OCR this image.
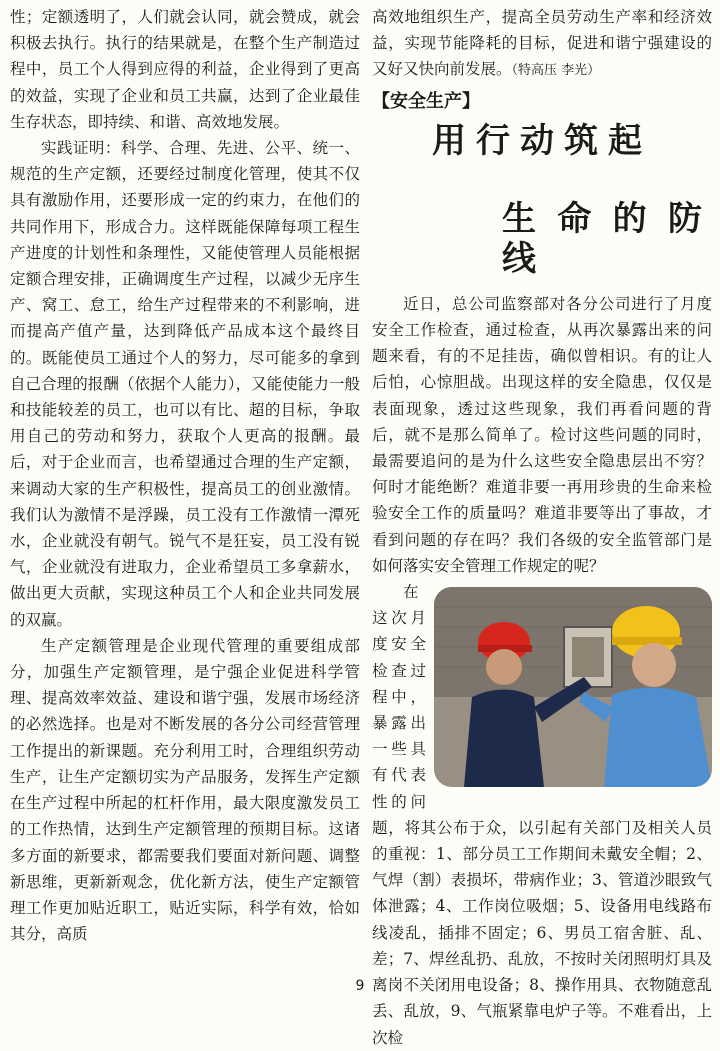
性；定额透明了，人们就会认同，就会赞成，就会积极去执行。执行的结果就是，在整个生产制造过程中，员工个人得到应得的利益，企业得到了更高的效益，实现了企业和员工共赢，达到了企业最佳生存状态，即持续、和谐、高效地发展。

实践证明：科学、合理、先进、公平、统一、规范的生产定额，还要经过制度化管理，使其不仅具有激励作用，还要形成一定的约束力，在他们的共同作用下，形成合力。这样既能保障每项工程生产进度的计划性和条理性，又能使管理人员能根据定额合理安排，正确调度生产过程，以减少无序生产、窝工、怠工，给生产过程带来的不利影响，进而提高产值产量，达到降低产品成本这个最终目的。既能使员工通过个人的努力，尽可能多的拿到自己合理的报酬（依据个人能力），又能使能力一般和技能较差的员工，也可以有比、超的目标，争取用自己的劳动和努力，获取个人更高的报酬。最后，对于企业而言，也希望通过合理的生产定额，来调动大家的生产积极性，提高员工的创业激情。我们认为激情不是浮躁，员工没有工作激情一潭死水，企业就没有朝气。锐气不是狂妄，员工没有锐气，企业就没有进取力，企业希望员工多拿薪水，做出更大贡献，实现这种员工个人和企业共同发展的双赢。

生产定额管理是企业现代管理的重要组成部分，加强生产定额管理，是宁强企业促进科学管理、提高效率效益、建设和谐宁强，发展市场经济的必然选择。也是对不断发展的各分公司经营管理工作提出的新课题。充分利用工时，合理组织劳动生产，让生产定额切实为产品服务，发挥生产定额在生产过程中所起的杠杆作用，最大限度激发员工的工作热情，达到生产定额管理的预期目标。这诸多方面的新要求，都需要我们要面对新问题、调整新思维，更新新观念，优化新方法，使生产定额管理工作更加贴近职工，贴近实际，科学有效，恰如其分，高质

高效地组织生产，提高全员劳动生产率和经济效益，实现节能降耗的目标，促进和谐宁强建设的又好又快向前发展。（特高压 李光）

【安全生产】
用行动筑起
生命的防线

近日，总公司监察部对各分公司进行了月度安全工作检查，通过检查，从再次暴露出来的问题来看，有的不足挂齿，确似曾相识。有的让人后怕，心惊胆战。出现这样的安全隐患，仅仅是表面现象，透过这些现象，我们再看问题的背后，就不是那么简单了。检讨这些问题的同时，最需要追问的是为什么这些安全隐患层出不穷？何时才能绝断？难道非要一再用珍贵的生命来检验安全工作的质量吗？难道非要等出了事故，才看到问题的存在吗？我们各级的安全监管部门是如何落实安全管理工作规定的呢？

在这次月度安全检查过程中，暴露出一些具有代表性的问题，将其公布于众，以引起有关部门及相关人员的重视：1、部分员工工作期间未戴安全帽；2、气焊（割）表损坏，带病作业；3、管道沙眼致气体泄露；4、工作岗位吸烟；5、设备用电线路布线凌乱，插排不固定；6、男员工宿舍脏、乱、差；7、焊丝乱扔、乱放，不按时关闭照明灯具及离岗不关闭用电设备；8、操作用具、衣物随意乱丢、乱放，9、气瓶紧靠电炉子等。不难看出，上次检

9
